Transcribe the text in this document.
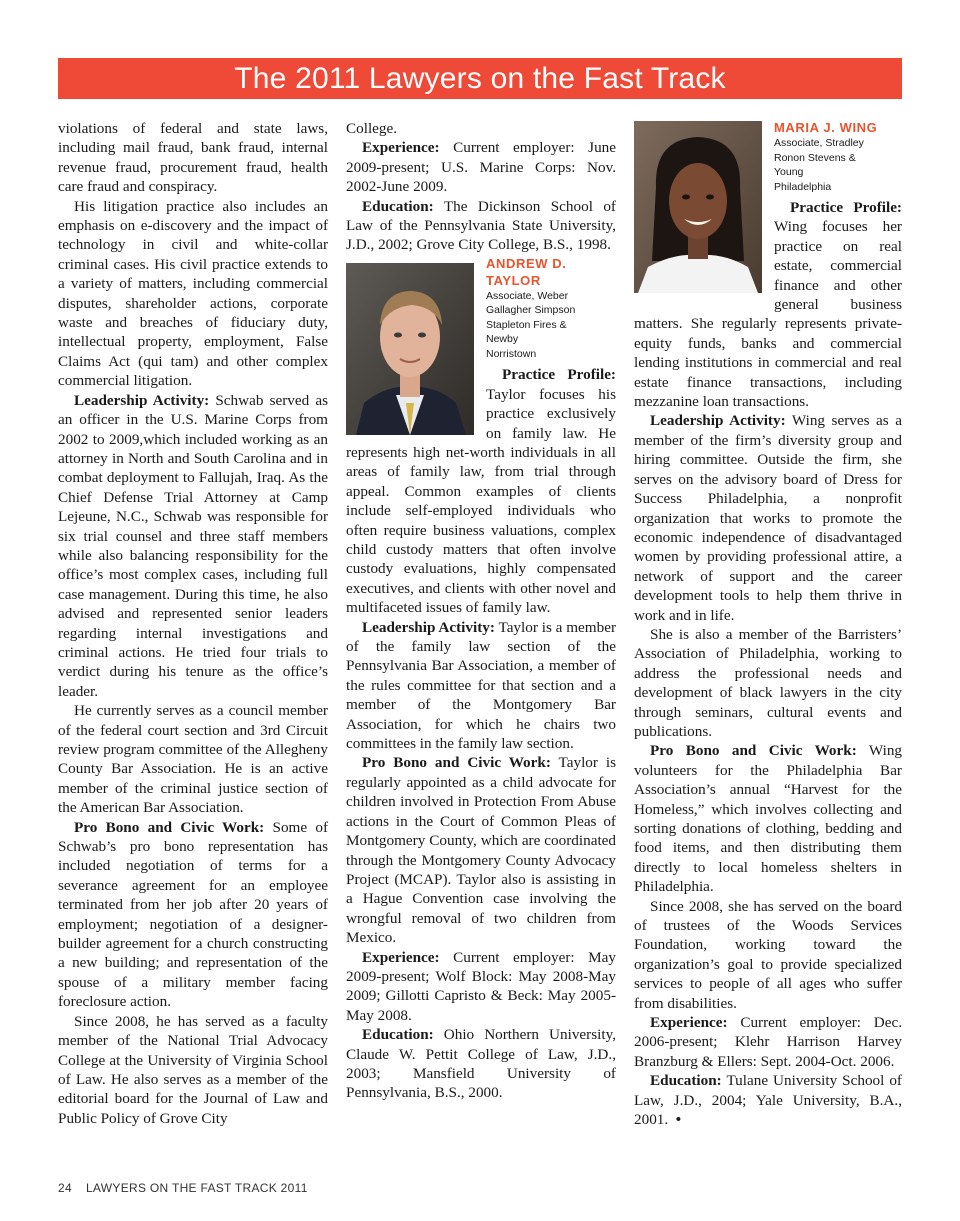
The 2011 Lawyers on the Fast Track

violations of federal and state laws, including mail fraud, bank fraud, internal revenue fraud, procurement fraud, health care fraud and conspiracy.

His litigation practice also includes an emphasis on e-discovery and the impact of technology in civil and white-collar criminal cases. His civil practice extends to a variety of matters, including commercial disputes, shareholder actions, corporate waste and breaches of fiduciary duty, intellectual property, employment, False Claims Act (qui tam) and other complex commercial litigation.

Leadership Activity: Schwab served as an officer in the U.S. Marine Corps from 2002 to 2009,which included working as an attorney in North and South Carolina and in combat deployment to Fallujah, Iraq. As the Chief Defense Trial Attorney at Camp Lejeune, N.C., Schwab was responsible for six trial counsel and three staff members while also balancing responsibility for the office’s most complex cases, including full case management. During this time, he also advised and represented senior leaders regarding internal investigations and criminal actions. He tried four trials to verdict during his tenure as the office’s leader.

He currently serves as a council member of the federal court section and 3rd Circuit review program committee of the Allegheny County Bar Association. He is an active member of the criminal justice section of the American Bar Association.

Pro Bono and Civic Work: Some of Schwab’s pro bono representation has included negotiation of terms for a severance agreement for an employee terminated from her job after 20 years of employment; negotiation of a designer-builder agreement for a church constructing a new building; and representation of the spouse of a military member facing foreclosure action.

Since 2008, he has served as a faculty member of the National Trial Advocacy College at the University of Virginia School of Law. He also serves as a member of the editorial board for the Journal of Law and Public Policy of Grove City

College.

Experience: Current employer: June 2009-present; U.S. Marine Corps: Nov. 2002-June 2009.

Education: The Dickinson School of Law of the Pennsylvania State University, J.D., 2002; Grove City College, B.S., 1998.

ANDREW D. TAYLOR
Associate, Weber
Gallagher Simpson
Stapleton Fires &
Newby
Norristown

Practice Profile: Taylor focuses his practice exclusively on family law. He represents high net-worth individuals in all areas of family law, from trial through appeal. Common examples of clients include self-employed individuals who often require business valuations, complex child custody matters that often involve custody evaluations, highly compensated executives, and clients with other novel and multifaceted issues of family law.

Leadership Activity: Taylor is a member of the family law section of the Pennsylvania Bar Association, a member of the rules committee for that section and a member of the Montgomery Bar Association, for which he chairs two committees in the family law section.

Pro Bono and Civic Work: Taylor is regularly appointed as a child advocate for children involved in Protection From Abuse actions in the Court of Common Pleas of Montgomery County, which are coordinated through the Montgomery County Advocacy Project (MCAP). Taylor also is assisting in a Hague Convention case involving the wrongful removal of two children from Mexico.

Experience: Current employer: May 2009-present; Wolf Block: May 2008-May 2009; Gillotti Capristo & Beck: May 2005-May 2008.

Education: Ohio Northern University, Claude W. Pettit College of Law, J.D., 2003; Mansfield University of Pennsylvania, B.S., 2000.

MARIA J. WING
Associate, Stradley
Ronon Stevens &
Young
Philadelphia

Practice Profile: Wing focuses her practice on real estate, commercial finance and other general business matters. She regularly represents private-equity funds, banks and commercial lending institutions in commercial and real estate finance transactions, including mezzanine loan transactions.

Leadership Activity: Wing serves as a member of the firm’s diversity group and hiring committee. Outside the firm, she serves on the advisory board of Dress for Success Philadelphia, a nonprofit organization that works to promote the economic independence of disadvantaged women by providing professional attire, a network of support and the career development tools to help them thrive in work and in life.

She is also a member of the Barristers’ Association of Philadelphia, working to address the professional needs and development of black lawyers in the city through seminars, cultural events and publications.

Pro Bono and Civic Work: Wing volunteers for the Philadelphia Bar Association’s annual “Harvest for the Homeless,” which involves collecting and sorting donations of clothing, bedding and food items, and then distributing them directly to local homeless shelters in Philadelphia.

Since 2008, she has served on the board of trustees of the Woods Services Foundation, working toward the organization’s goal to provide specialized services to people of all ages who suffer from disabilities.

Experience: Current employer: Dec. 2006-present; Klehr Harrison Harvey Branzburg & Ellers: Sept. 2004-Oct. 2006.

Education: Tulane University School of Law, J.D., 2004; Yale University, B.A., 2001. •

24 LAWYERS ON THE FAST TRACK 2011
